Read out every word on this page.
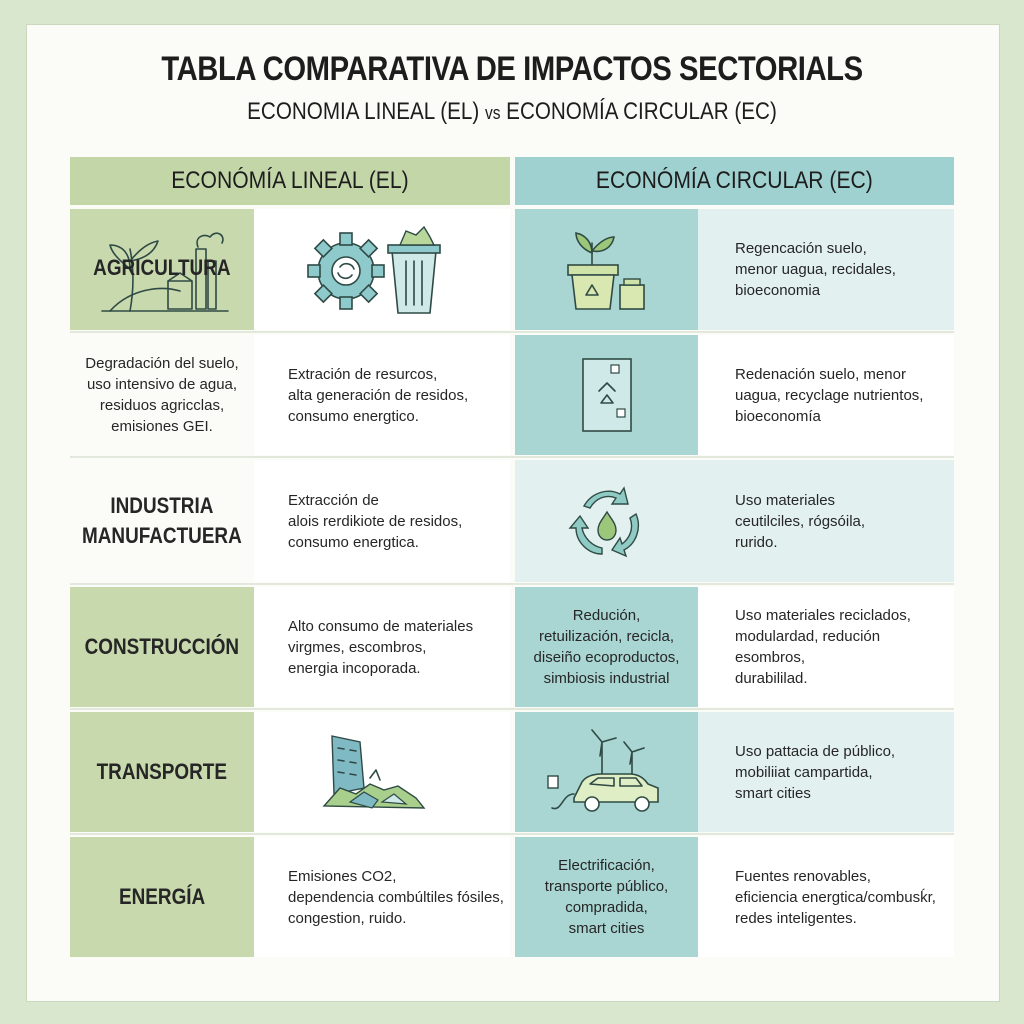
TABLA COMPARATIVA DE IMPACTOS SECTORIALS
ECONOMIA LINEAL (EL) vs ECONOMÍA CIRCULAR (EC)
ECONÓMÍA LINEAL (EL)	ECONÓMÍA CIRCULAR (EC)
AGRICULTURA
Regencación suelo,
menor uagua, recidales,
bioeconomia
Degradación del suelo,
uso intensivo de agua,
residuos agricclas,
emisiones GEI.
Extración de resurcos,
alta generación de residos,
consumo energtico.
Redenación suelo, menor
uagua, recyclage nutrientos,
bioeconomía
INDUSTRIA
MANUFACTUERA
Extracción de
alois rerdikiote de residos,
consumo energtica.
Uso materiales
ceutilciles, rógsóila,
rurido.
CONSTRUCCIÓN
Alto consumo de materiales
virgmes, escombros,
energia incoporada.
Redución,
retuilización, recicla,
diseiño ecoproductos,
simbiosis industrial
Uso materiales reciclados,
modulardad, redución esombros,
durabililad.
TRANSPORTE
Uso pattacia de público,
mobiliiat campartida,
smart cities
ENERGÍA
Emisiones CO2,
dependencia combúltiles fósiles,
congestion, ruido.
Electrificación,
transporte público,
compradida,
smart cities
Fuentes renovables,
eficiencia energtica/combusḱr,
redes inteligentes.
